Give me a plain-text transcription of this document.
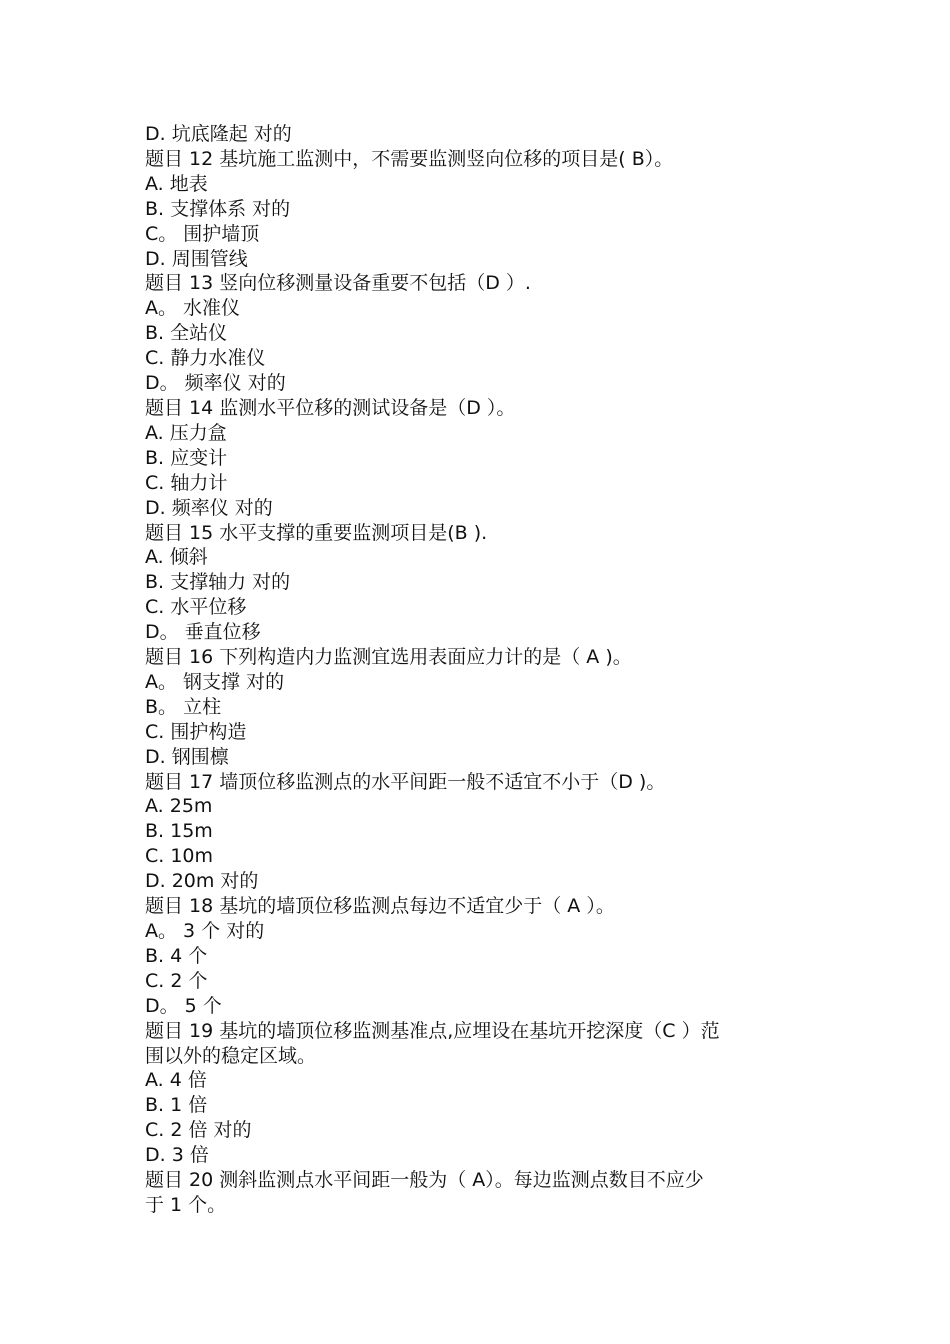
D. 坑底隆起 对的
题目 12 基坑施工监测中，不需要监测竖向位移的项目是( B）。
A. 地表
B. 支撑体系 对的
C。 围护墙顶
D. 周围管线
题目 13 竖向位移测量设备重要不包括（D ）.
A。 水准仪
B. 全站仪
C. 静力水准仪
D。 频率仪 对的
题目 14 监测水平位移的测试设备是（D ）。
A. 压力盒
B. 应变计
C. 轴力计
D. 频率仪 对的
题目 15 水平支撑的重要监测项目是(B ).
A. 倾斜
B. 支撑轴力 对的
C. 水平位移
D。 垂直位移
题目 16 下列构造内力监测宜选用表面应力计的是（ A )。
A。 钢支撑 对的
B。 立柱
C. 围护构造
D. 钢围檩
题目 17 墙顶位移监测点的水平间距一般不适宜不小于（D )。
A. 25m
B. 15m
C. 10m
D. 20m 对的
题目 18 基坑的墙顶位移监测点每边不适宜少于（ A ）。
A。 3 个 对的
B. 4 个
C. 2 个
D。 5 个
题目 19 基坑的墙顶位移监测基准点,应埋设在基坑开挖深度（C ）范
围以外的稳定区域。
A. 4 倍
B. 1 倍
C. 2 倍 对的
D. 3 倍
题目 20 测斜监测点水平间距一般为（ A）。每边监测点数目不应少
于 1 个。
